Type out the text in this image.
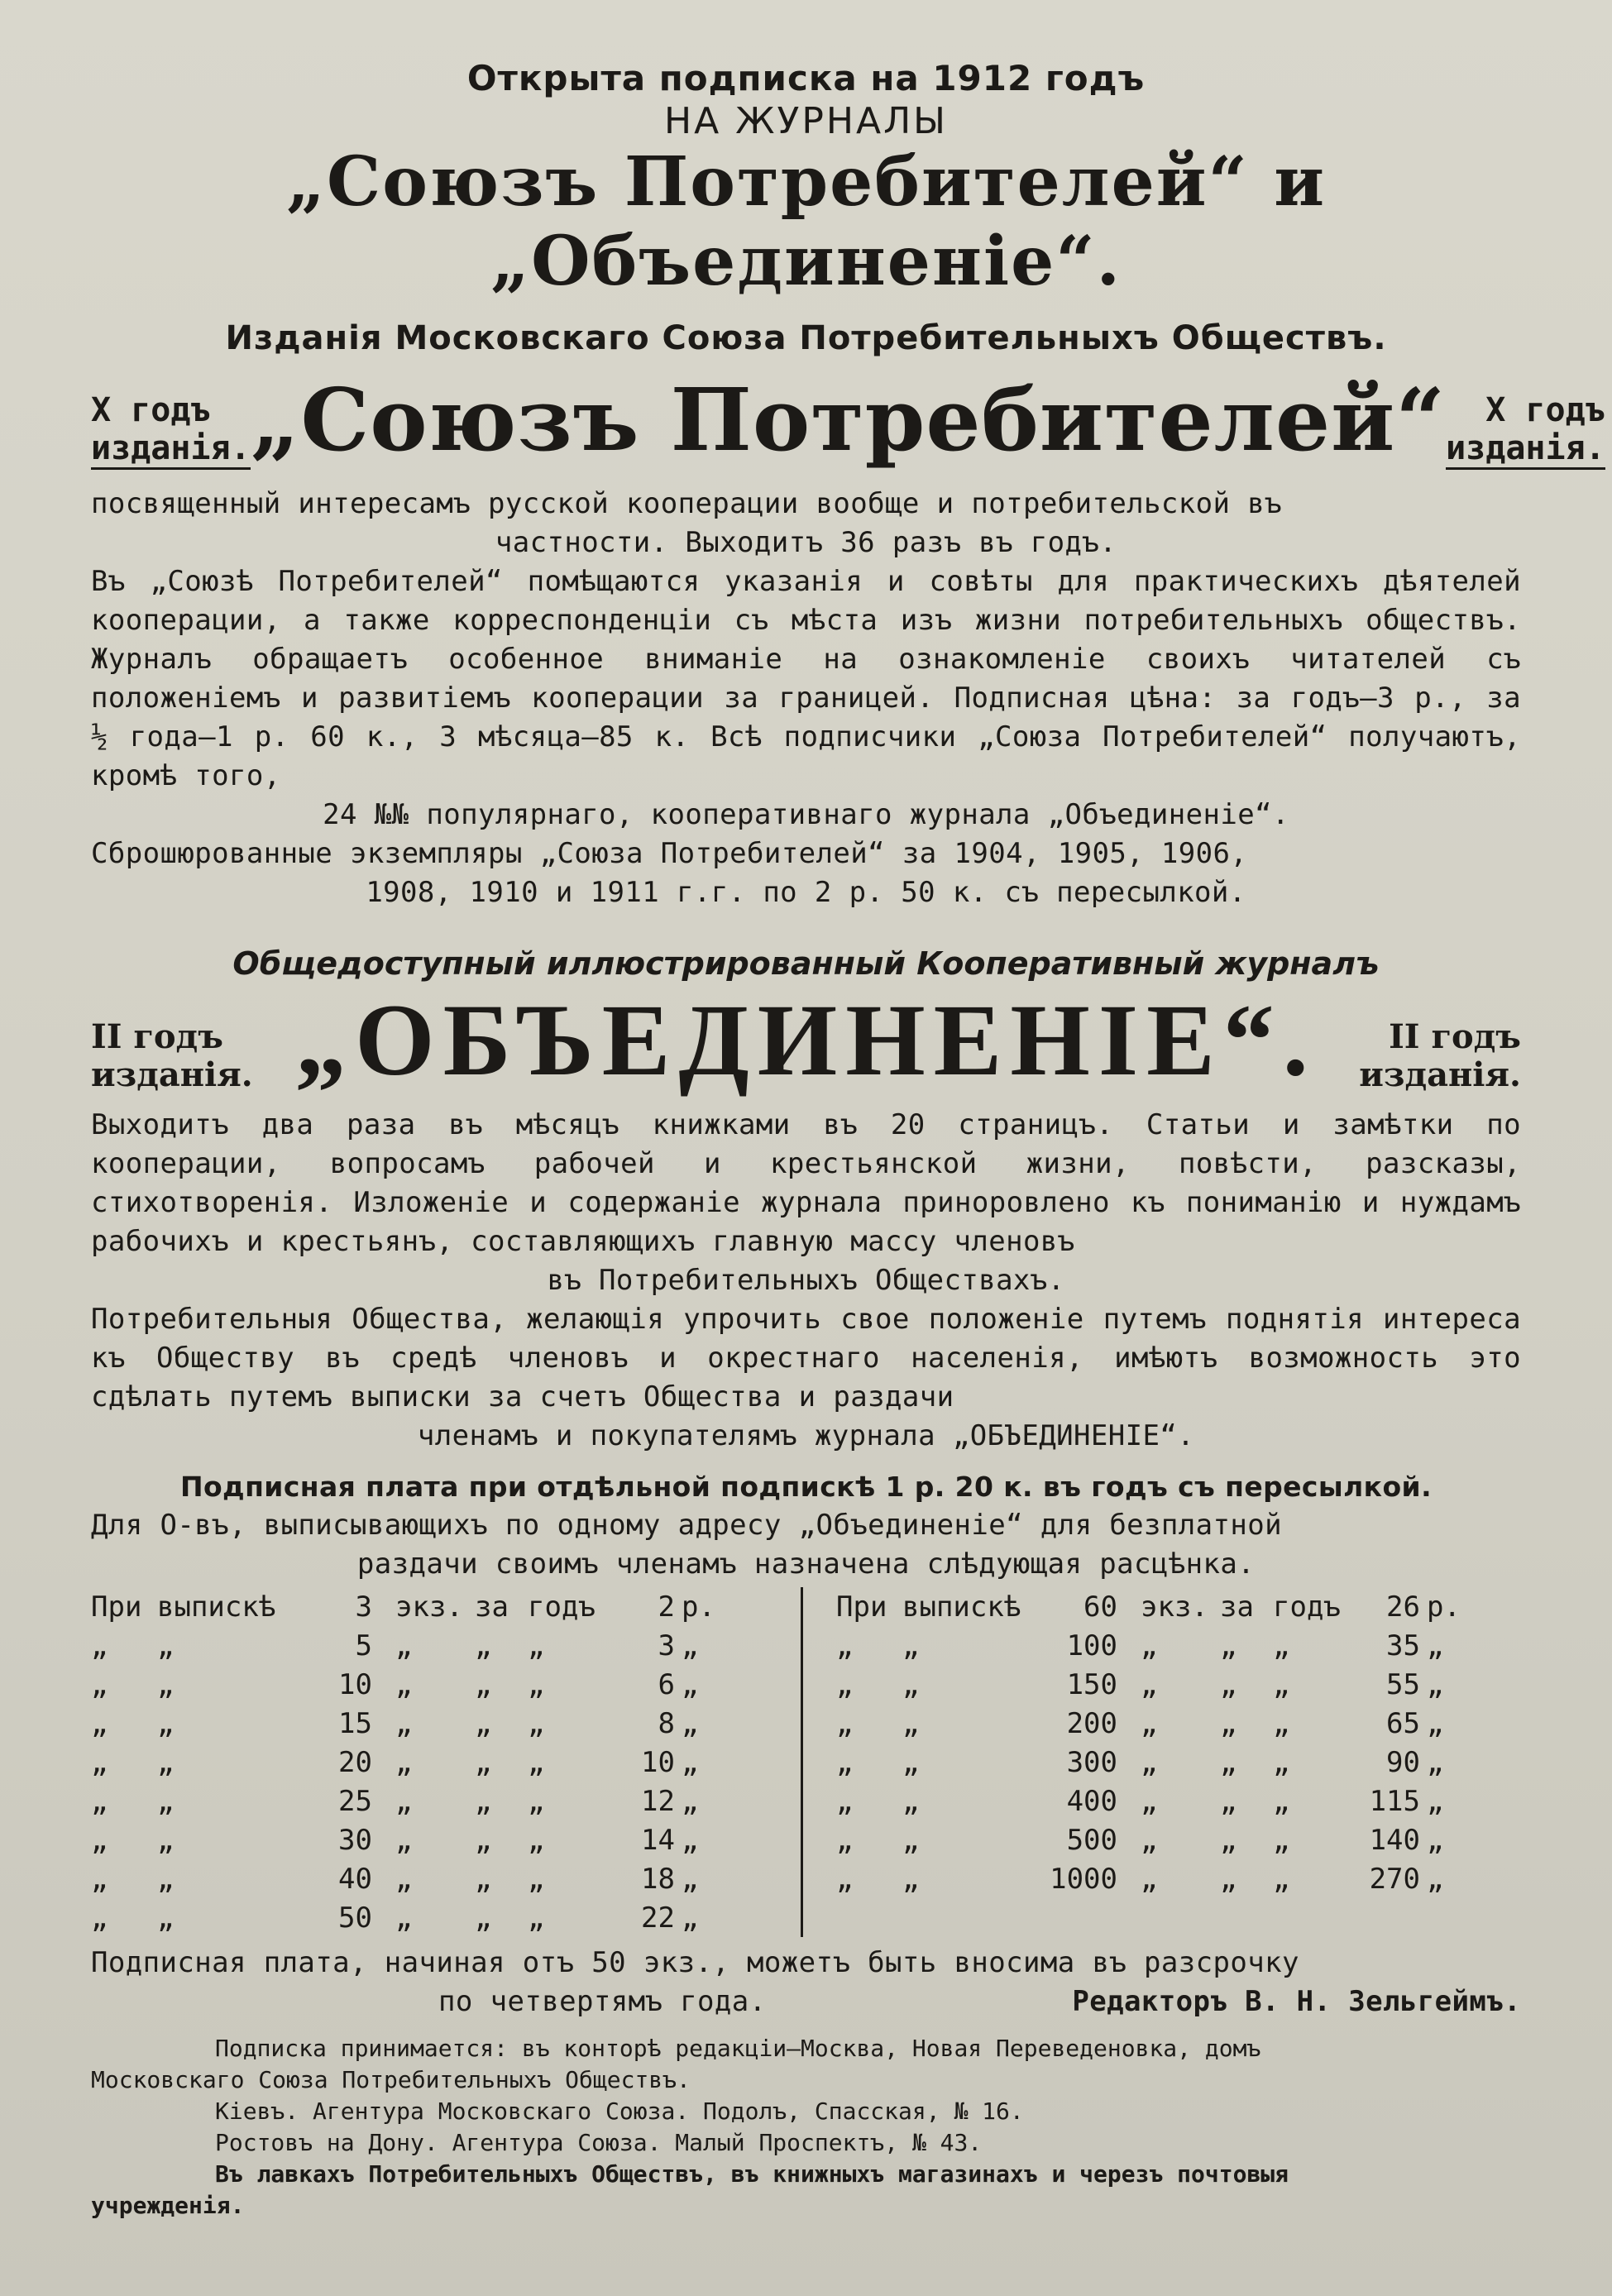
Открыта подписка на 1912 годъ
НА ЖУРНАЛЫ
„Союзъ Потребителей“ и „Объединеніе“.
Изданія Московскаго Союза Потребительныхъ Обществъ.
X годъ
изданія. „Союзъ Потребителей“	X годъ
изданія.

посвященный интересамъ русской кооперации вообще и потребительской въ

частности. Выходитъ 36 разъ въ годъ.

Въ „Союзѣ Потребителей“ помѣщаются указанія и совѣты для практическихъ дѣятелей кооперации, а также корреспонденціи съ мѣста изъ жизни потребительныхъ обществъ. Журналъ обращаетъ особенное вниманіе на ознакомленіе своихъ читателей съ положеніемъ и развитіемъ кооперации за границей. Подписная цѣна: за годъ—3 р., за ½ года—1 р. 60 к., 3 мѣсяца—85 к. Всѣ подписчики „Союза Потребителей“ получаютъ, кромѣ того,

24 №№ популярнаго, кооперативнаго журнала „Объединеніе“.

Сброшюрованные экземпляры „Союза Потребителей“ за 1904, 1905, 1906,

1908, 1910 и 1911 г.г. по 2 р. 50 к. съ пересылкой.

Общедоступный иллюстрированный Кооперативный журналъ
II годъ
изданія. „ОБЪЕДИНЕНІЕ“.	II годъ
изданія.

Выходитъ два раза въ мѣсяцъ книжками въ 20 страницъ. Статьи и замѣтки по кооперации, вопросамъ рабочей и крестьянской жизни, повѣсти, разсказы, стихотворенія. Изложеніе и содержаніе журнала приноровлено къ пониманію и нуждамъ рабочихъ и крестьянъ, составляющихъ главную массу членовъ

въ Потребительныхъ Обществахъ.

Потребительныя Общества, желающія упрочить свое положеніе путемъ поднятія интереса къ Обществу въ средѣ членовъ и окрестнаго населенія, имѣютъ возможность это сдѣлать путемъ выписки за счетъ Общества и раздачи

членамъ и покупателямъ журнала „ОБЪЕДИНЕНІЕ“.

Подписная плата при отдѣльной подпискѣ 1 р. 20 к. въ годъ съ пересылкой.

Для О-въ, выписывающихъ по одному адресу „Объединеніе“ для безплатной

раздачи своимъ членамъ назначена слѣдующая расцѣнка.

При выпискѣ	3 экз. за годъ	2 р.
„	„	5 „	„	„	3 „
„	„	10 „	„	„	6 „
„	„	15 „	„	„	8 „
„	„	20 „	„	„	10 „
„	„	25 „	„	„	12 „
„	„	30 „	„	„	14 „
„	„	40 „	„	„	18 „
„	„	50 „	„	„	22 „
При выпискѣ	60 экз. за годъ	26 р.
„	„	100 „	„	„	35 „
„	„	150 „	„	„	55 „
„	„	200 „	„	„	65 „
„	„	300 „	„	„	90 „
„	„	400 „	„	„	115 „
„	„	500 „	„	„	140 „
„	„	1000 „	„	„	270 „

Подписная плата, начиная отъ 50 экз., можетъ быть вносима въ разсрочку

по четвертямъ года.	Редакторъ В. Н. Зельгеймъ.

Подписка принимается: въ конторѣ редакціи—Москва, Новая Переведеновка, домъ

Московскаго Союза Потребительныхъ Обществъ.

Кіевъ. Агентура Московскаго Союза. Подолъ, Спасская, № 16.

Ростовъ на Дону. Агентура Союза. Малый Проспектъ, № 43.

Въ лавкахъ Потребительныхъ Обществъ, въ книжныхъ магазинахъ и черезъ почтовыя

учрежденія.
